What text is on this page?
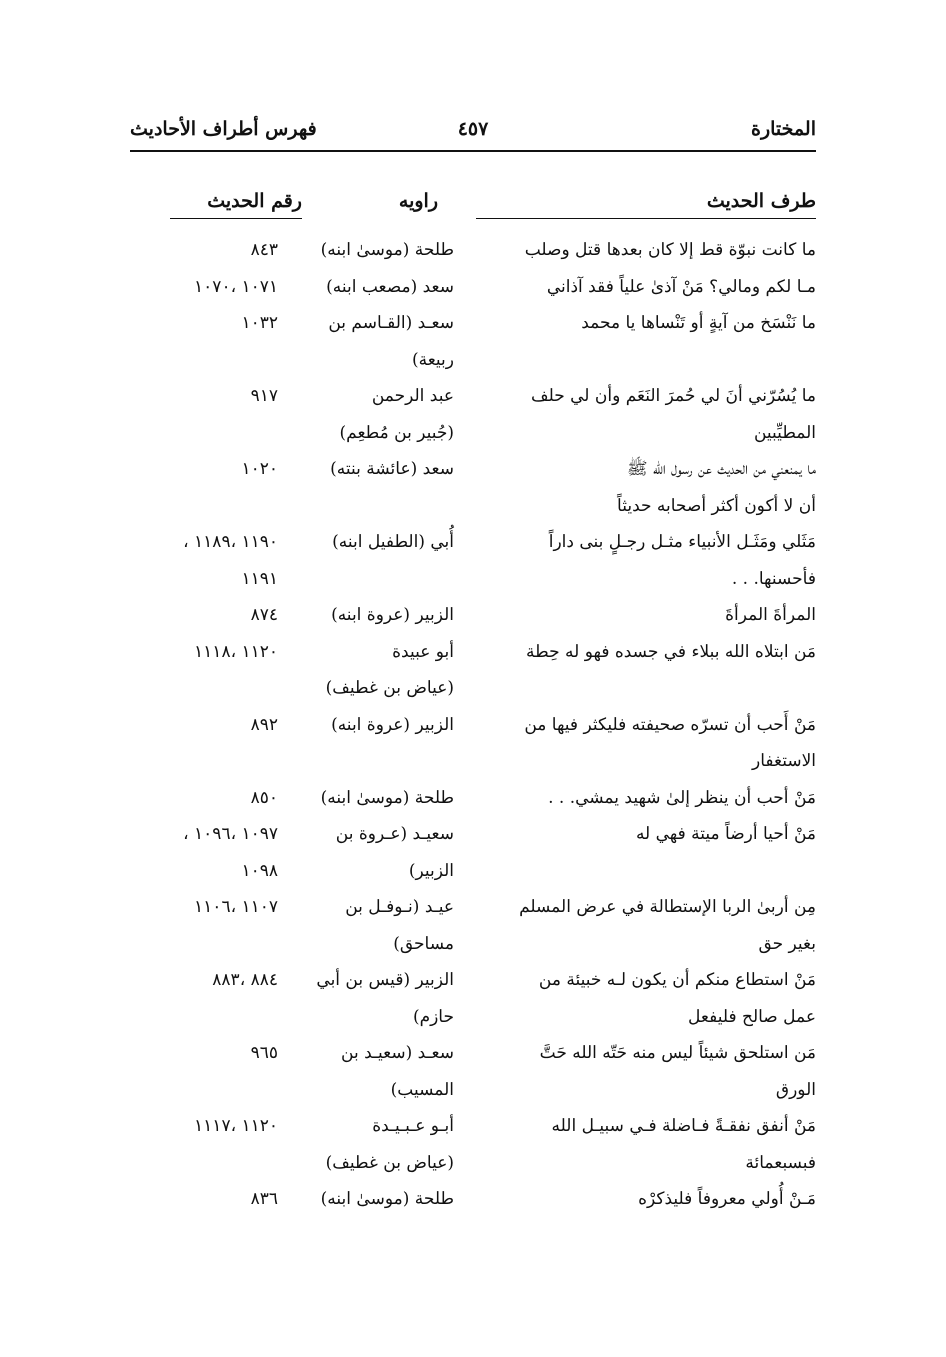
المختارة
٤٥٧
فهرس أطراف الأحاديث
طرف الحديث
راويه
رقم الحديث
ما كانت نبوّة قط إلا كان بعدها قتل وصلب
طلحة (موسىٰ ابنه)
٨٤٣
مـا لكم ومالي؟ مَنْ آذىٰ علياً فقد آذاني
سعد (مصعب ابنه)
١٠٧١ ،١٠٧٠
ما نَنْسَخ من آيةٍ أو تَنْساها يا محمد
سعـد (القـاسم بن
ربيعة)
١٠٣٢
ما يُسُرّني أنَ لي حُمرَ النَعَم وأن لي حلف
المطيِّبين
عبد الرحمن
(جُبير بن مُطعِم)
٩١٧
ما يمنعني من الحديث عن رسول الله ﷺ
أن لا أكون أكثر أصحابه حديثاً
سعد (عائشة بنته)
١٠٢٠
مَثَلي ومَثَـل الأنبياء مثـل رجـلٍ بنى داراً
فأحسنها. . .
أُبي (الطفيل ابنه)
١١٩٠ ،١١٨٩ ،
١١٩١
المرأةَ المرأةَ
الزبير (عروة ابنه)
٨٧٤
مَن ابتلاه الله ببلاء في جسده فهو له حِطة
أبو عبيدة
(عياض بن غطيف)
١١٢٠ ،١١١٨
مَنْ أَحب أن تسرّه صحيفته فليكثر فيها من
الاستغفار
الزبير (عروة ابنه)
٨٩٢
مَنْ أحب أن ينظر إلىٰ شهيد يمشي. . .
طلحة (موسىٰ ابنه)
٨٥٠
مَنْ أحيا أرضاً ميتة فهي له
سعيـد (عـروة بن
الزبير)
١٠٩٧ ،١٠٩٦ ،
١٠٩٨
مِن أربىٰ الربا الإستطالة في عرض المسلم
بغير حق
عيـد (نـوفـل بن
مساحق)
١١٠٧ ،١١٠٦
مَنْ استطاع منكم أن يكون لـه خبيئة من
عمل صالح فليفعل
الزبير (قيس بن أبي
حازم)
٨٨٤ ،٨٨٣
مَن استلحق شيئاً ليس منه حَتّه الله حَتَّ
الورق
سعـد (سعيـد بن
المسيب)
٩٦٥
مَنْ أنفق نفقـةً فـاضلة فـي سبيـل الله
فبسبعمائة
أبـو عـبـيـدة
(عياض بن غطيف)
١١٢٠ ،١١١٧
مَـنْ أُولي معروفاً فليذكرْه
طلحة (موسىٰ ابنه)
٨٣٦
